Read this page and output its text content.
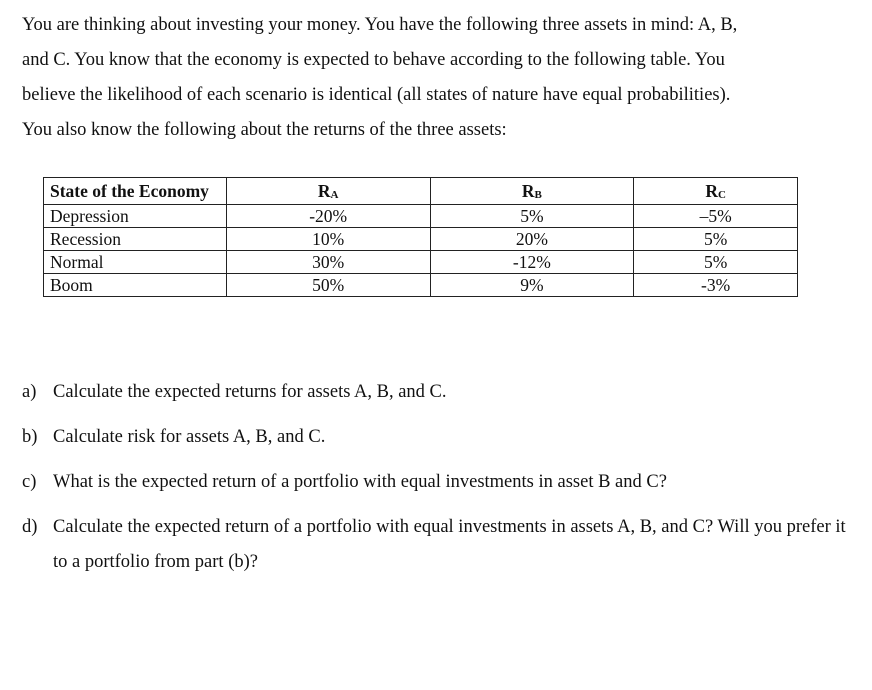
You are thinking about investing your money. You have the following three assets in mind: A, B,
and C. You know that the economy is expected to behave according to the following table. You
believe the likelihood of each scenario is identical (all states of nature have equal probabilities).
You also know the following about the returns of the three assets:
State of the Economy	$R_A$	$R_B$	$R_C$
Depression	-20%	5%	–5%
Recession	10%	20%	5%
Normal	30%	-12%	5%
Boom	50%	9%	-3%
a) Calculate the expected returns for assets A, B, and C.
b) Calculate risk for assets A, B, and C.
c) What is the expected return of a portfolio with equal investments in asset B and C?
d) Calculate the expected return of a portfolio with equal investments in assets A, B, and C? Will you prefer it to a portfolio from part (b)?
